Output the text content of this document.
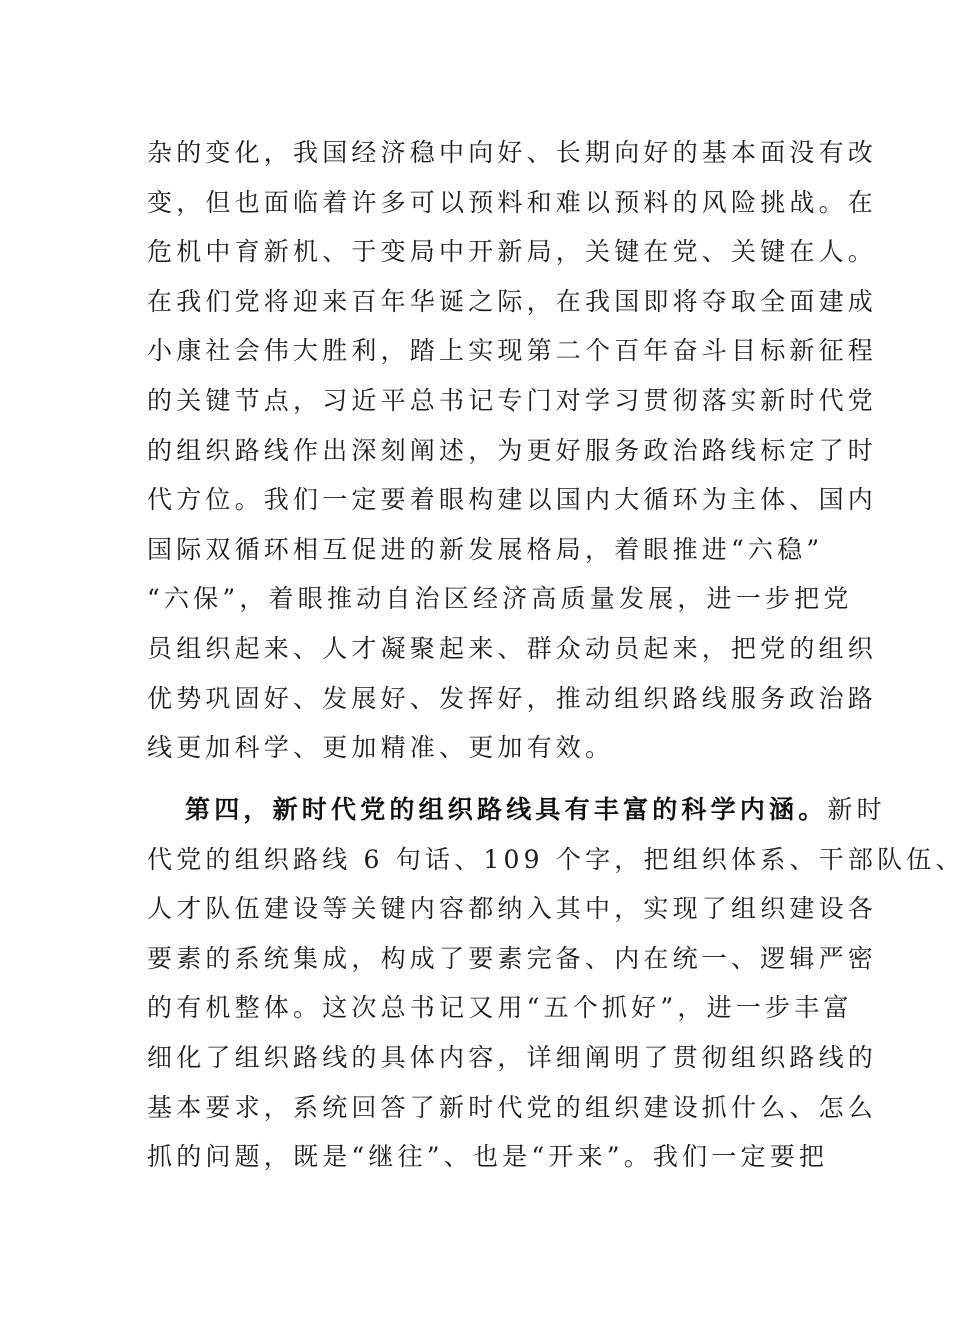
杂的变化，我国经济稳中向好、长期向好的基本面没有改
变，但也面临着许多可以预料和难以预料的风险挑战。在
危机中育新机、于变局中开新局，关键在党、关键在人。
在我们党将迎来百年华诞之际，在我国即将夺取全面建成
小康社会伟大胜利，踏上实现第二个百年奋斗目标新征程
的关键节点，习近平总书记专门对学习贯彻落实新时代党
的组织路线作出深刻阐述，为更好服务政治路线标定了时
代方位。我们一定要着眼构建以国内大循环为主体、国内
国际双循环相互促进的新发展格局，着眼推进“六稳”
“六保”，着眼推动自治区经济高质量发展，进一步把党
员组织起来、人才凝聚起来、群众动员起来，把党的组织
优势巩固好、发展好、发挥好，推动组织路线服务政治路
线更加科学、更加精准、更加有效。
第四，新时代党的组织路线具有丰富的科学内涵。新时
代党的组织路线 6 句话、109 个字，把组织体系、干部队伍、
人才队伍建设等关键内容都纳入其中，实现了组织建设各
要素的系统集成，构成了要素完备、内在统一、逻辑严密
的有机整体。这次总书记又用“五个抓好”，进一步丰富
细化了组织路线的具体内容，详细阐明了贯彻组织路线的
基本要求，系统回答了新时代党的组织建设抓什么、怎么
抓的问题，既是“继往”、也是“开来”。我们一定要把
